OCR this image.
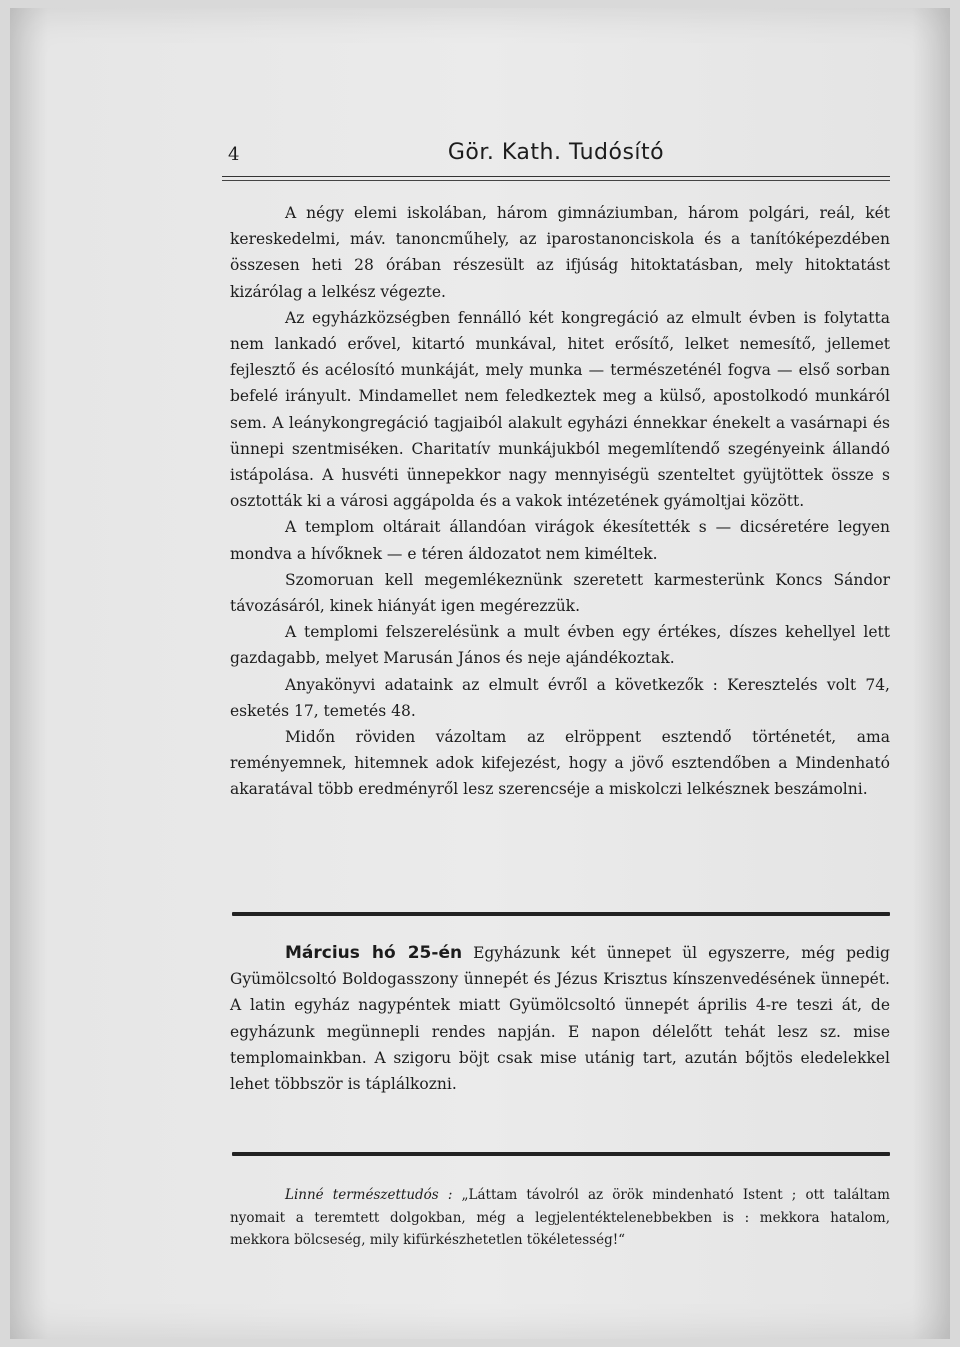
4	Gör. Kath. Tudósító

A négy elemi iskolában, három gimnáziumban, három polgári, reál, két kereskedelmi, máv. tanoncműhely, az iparostanonciskola és a tanítóképezdében összesen heti 28 órában részesült az ifjúság hitoktatásban, mely hitoktatást kizárólag a lelkész végezte.

Az egyházközségben fennálló két kongregáció az elmult évben is folytatta nem lankadó erővel, kitartó munkával, hitet erősítő, lelket nemesítő, jellemet fejlesztő és acélosító munkáját, mely munka — természeténél fogva — első sorban befelé irányult. Mindamellet nem feledkeztek meg a külső, apostolkodó munkáról sem. A leánykongregáció tagjaiból alakult egyházi énnekkar énekelt a vasárnapi és ünnepi szentmiséken. Charitatív munkájukból megemlítendő szegényeink állandó istápolása. A husvéti ünnepekkor nagy mennyiségü szenteltet gyüjtöttek össze s osztották ki a városi aggápolda és a vakok intézetének gyámoltjai között.

A templom oltárait állandóan virágok ékesítették s — dicséretére legyen mondva a hívőknek — e téren áldozatot nem kiméltek.

Szomoruan kell megemlékeznünk szeretett karmesterünk Koncs Sándor távozásáról, kinek hiányát igen megérezzük.

A templomi felszerelésünk a mult évben egy értékes, díszes kehellyel lett gazdagabb, melyet Marusán János és neje ajándékoztak.

Anyakönyvi adataink az elmult évről a következők : Keresztelés volt 74, esketés 17, temetés 48.

Midőn röviden vázoltam az elröppent esztendő történetét, ama reményemnek, hitemnek adok kifejezést, hogy a jövő esztendőben a Mindenható akaratával több eredményről lesz szerencséje a miskolczi lelkésznek beszámolni.

Március hó 25-én Egyházunk két ünnepet ül egyszerre, még pedig Gyümölcsoltó Boldogasszony ünnepét és Jézus Krisztus kínszenvedésének ünnepét. A latin egyház nagypéntek miatt Gyümölcsoltó ünnepét április 4-re teszi át, de egyházunk megünnepli rendes napján. E napon délelőtt tehát lesz sz. mise templomainkban. A szigoru böjt csak mise utánig tart, azután bőjtös eledelekkel lehet többször is táplálkozni.

Linné természettudós : „Láttam távolról az örök mindenható Istent ; ott találtam nyomait a teremtett dolgokban, még a legjelentéktelenebbekben is : mekkora hatalom, mekkora bölcseség, mily kifürkészhetetlen tökéletesség!“
